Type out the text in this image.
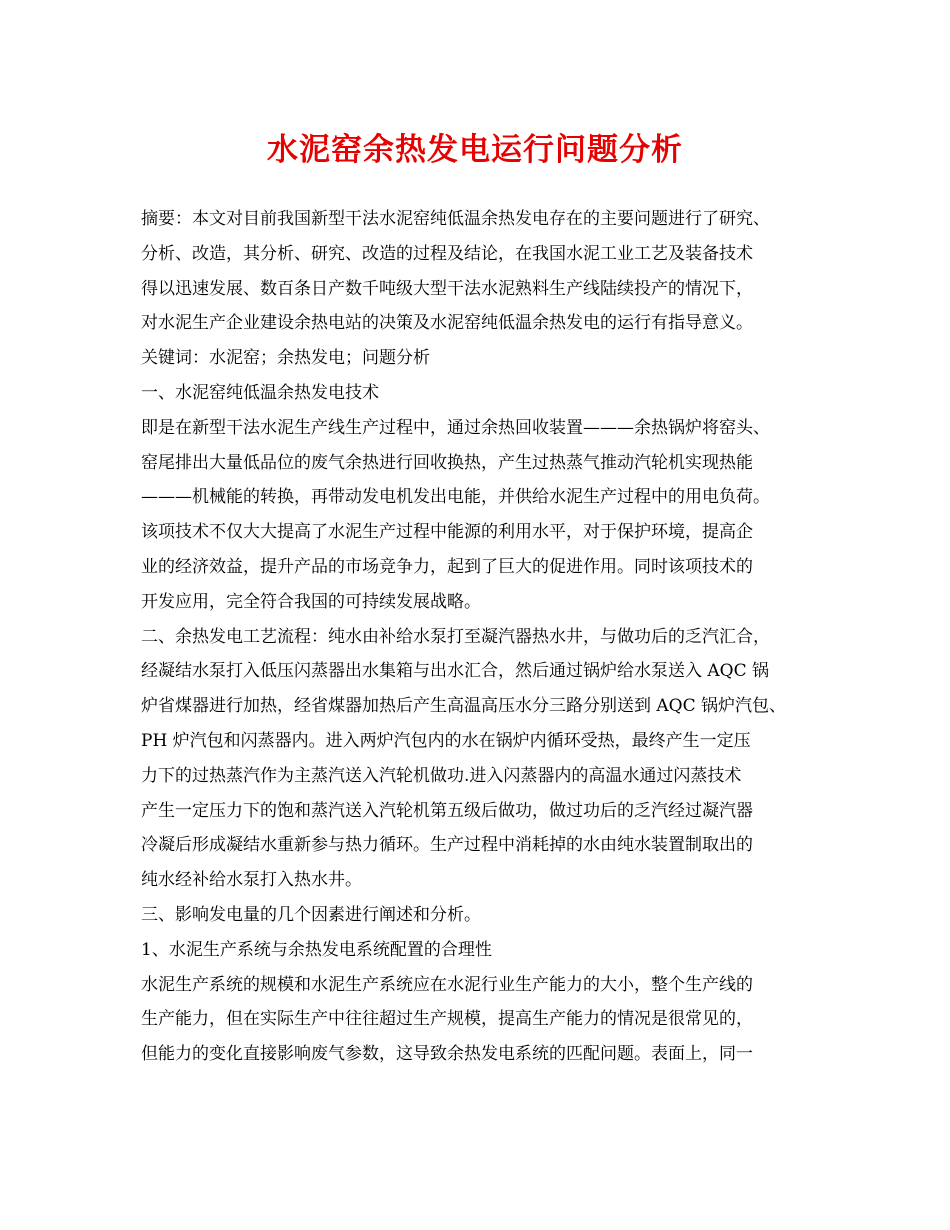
水泥窑余热发电运行问题分析
摘要：本文对目前我国新型干法水泥窑纯低温余热发电存在的主要问题进行了研究、
分析、改造，其分析、研究、改造的过程及结论，在我国水泥工业工艺及装备技术
得以迅速发展、数百条日产数千吨级大型干法水泥熟料生产线陆续投产的情况下，
对水泥生产企业建设余热电站的决策及水泥窑纯低温余热发电的运行有指导意义。
关键词：水泥窑；余热发电；问题分析
一、水泥窑纯低温余热发电技术
即是在新型干法水泥生产线生产过程中，通过余热回收装置———余热锅炉将窑头、
窑尾排出大量低品位的废气余热进行回收换热，产生过热蒸气推动汽轮机实现热能
———机械能的转换，再带动发电机发出电能，并供给水泥生产过程中的用电负荷。
该项技术不仅大大提高了水泥生产过程中能源的利用水平，对于保护环境，提高企
业的经济效益，提升产品的市场竞争力，起到了巨大的促进作用。同时该项技术的
开发应用，完全符合我国的可持续发展战略。
二、余热发电工艺流程：纯水由补给水泵打至凝汽器热水井，与做功后的乏汽汇合，
经凝结水泵打入低压闪蒸器出水集箱与出水汇合，然后通过锅炉给水泵送入 AQC 锅
炉省煤器进行加热，经省煤器加热后产生高温高压水分三路分别送到 AQC 锅炉汽包、
PH 炉汽包和闪蒸器内。进入两炉汽包内的水在锅炉内循环受热，最终产生一定压
力下的过热蒸汽作为主蒸汽送入汽轮机做功.进入闪蒸器内的高温水通过闪蒸技术
产生一定压力下的饱和蒸汽送入汽轮机第五级后做功，做过功后的乏汽经过凝汽器
冷凝后形成凝结水重新参与热力循环。生产过程中消耗掉的水由纯水装置制取出的
纯水经补给水泵打入热水井。
三、影响发电量的几个因素进行阐述和分析。
1、水泥生产系统与余热发电系统配置的合理性
水泥生产系统的规模和水泥生产系统应在水泥行业生产能力的大小，整个生产线的
生产能力，但在实际生产中往往超过生产规模，提高生产能力的情况是很常见的，
但能力的变化直接影响废气参数，这导致余热发电系统的匹配问题。表面上，同一
